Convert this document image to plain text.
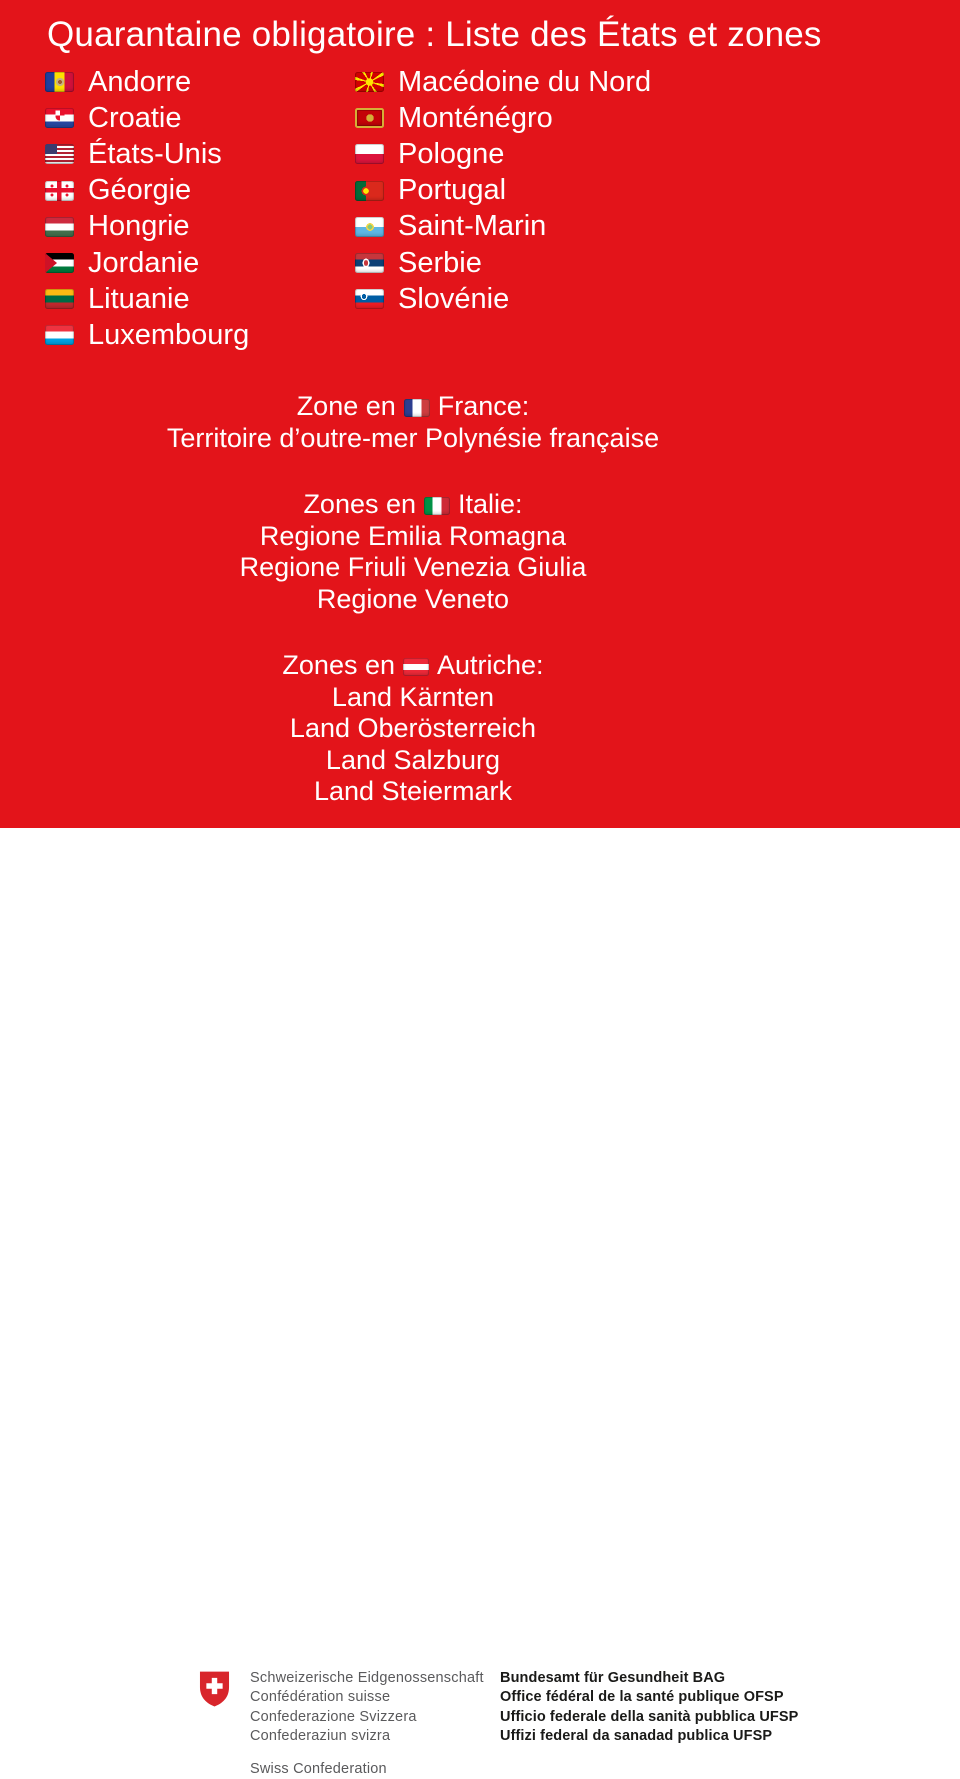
Quarantaine obligatoire : Liste des États et zones
Andorre
Croatie
États-Unis
Géorgie
Hongrie
Jordanie
Lituanie
Luxembourg
Macédoine du Nord
Monténégro
Pologne
Portugal
Saint-Marin
Serbie
Slovénie
Zone en France:
Territoire d’outre-mer Polynésie française
Zones en Italie:
Regione Emilia Romagna
Regione Friuli Venezia Giulia
Regione Veneto
Zones en Autriche:
Land Kärnten
Land Oberösterreich
Land Salzburg
Land Steiermark
Schweizerische Eidgenossenschaft
Confédération suisse
Confederazione Svizzera
Confederaziun svizra
Swiss Confederation
Bundesamt für Gesundheit BAG
Office fédéral de la santé publique OFSP
Ufficio federale della sanità pubblica UFSP
Uffizi federal da sanadad publica UFSP
